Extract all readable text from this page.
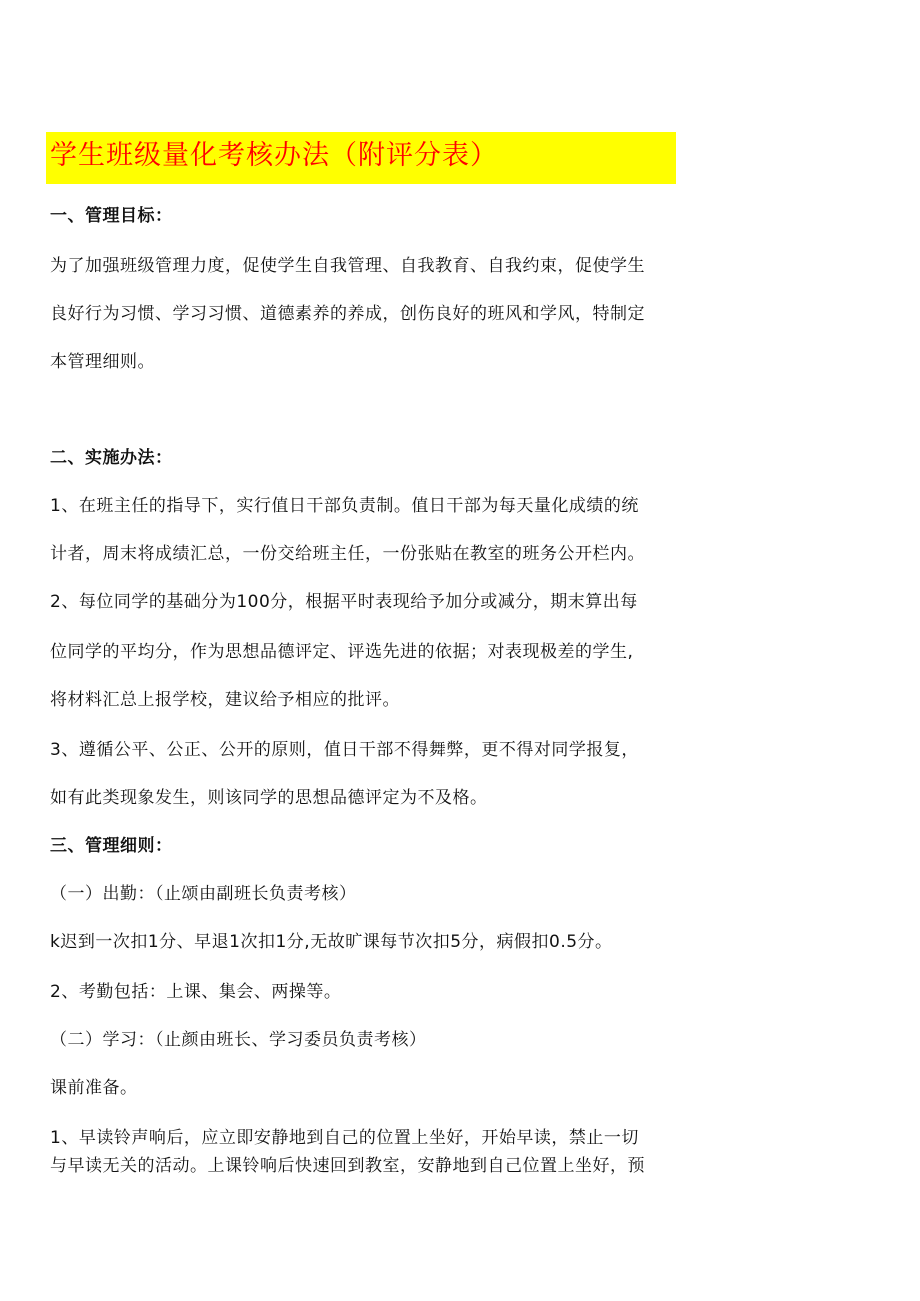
学生班级量化考核办法（附评分表）
一、管理目标：
为了加强班级管理力度，促使学生自我管理、自我教育、自我约束，促使学生
良好行为习惯、学习习惯、道德素养的养成，创伤良好的班风和学风，特制定
本管理细则。
二、实施办法：
1、在班主任的指导下，实行值日干部负责制。值日干部为每天量化成绩的统
计者，周末将成绩汇总，一份交给班主任，一份张贴在教室的班务公开栏内。
2、每位同学的基础分为100分，根据平时表现给予加分或减分，期末算出每
位同学的平均分，作为思想品德评定、评选先进的依据；对表现极差的学生,
将材料汇总上报学校，建议给予相应的批评。
3、遵循公平、公正、公开的原则，值日干部不得舞弊，更不得对同学报复，
如有此类现象发生，则该同学的思想品德评定为不及格。
三、管理细则：
（一）出勤：（止颂由副班长负责考核）
k迟到一次扣1分、早退1次扣1分,无故旷课每节次扣5分，病假扣0.5分。
2、考勤包括：上课、集会、两操等。
（二）学习：（止颜由班长、学习委员负责考核）
课前准备。
1、早读铃声响后，应立即安静地到自己的位置上坐好，开始早读，禁止一切
与早读无关的活动。上课铃响后快速回到教室，安静地到自己位置上坐好，预
